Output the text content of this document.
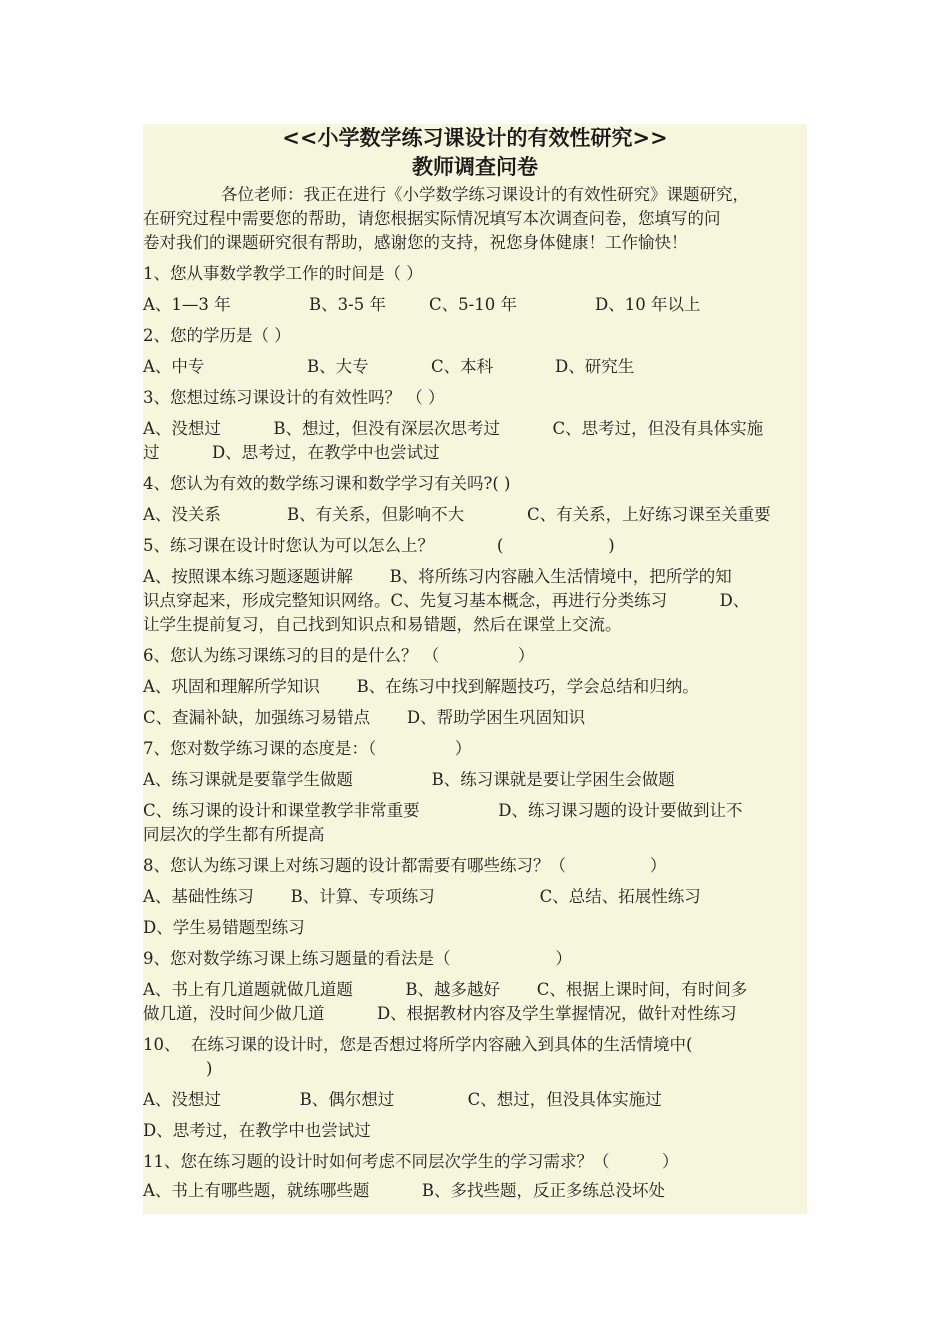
<<小学数学练习课设计的有效性研究>>
教师调查问卷
各位老师：我正在进行《小学数学练习课设计的有效性研究》课题研究，
在研究过程中需要您的帮助，请您根据实际情况填写本次调查问卷，您填写的问
卷对我们的课题研究很有帮助，感谢您的支持，祝您身体健康！工作愉快！
1、您从事数学教学工作的时间是（ ）
A、1—3 年	B、3-5 年	C、5-10 年	D、10 年以上
2、您的学历是（ ）
A、中专	B、大专	C、本科	D、研究生
3、您想过练习课设计的有效性吗？ （ ）
A、没想过          B、想过，但没有深层次思考过          C、思考过，但没有具体实施
过          D、思考过，在教学中也尝试过
4、您认为有效的数学练习课和数学学习有关吗?( )
A、没关系	B、有关系，但影响不大	C、有关系，上好练习课至关重要
5、练习课在设计时您认为可以怎么上？            (                    )
A、按照课本练习题逐题讲解       B、将所练习内容融入生活情境中，把所学的知
识点穿起来，形成完整知识网络。C、先复习基本概念，再进行分类练习          D、
让学生提前复习，自己找到知识点和易错题，然后在课堂上交流。
6、您认为练习课练习的目的是什么？ （               ）
A、巩固和理解所学知识       B、在练习中找到解题技巧，学会总结和归纳。
C、查漏补缺，加强练习易错点       D、帮助学困生巩固知识
7、您对数学练习课的态度是：（               ）
A、练习课就是要靠学生做题               B、练习课就是要让学困生会做题
C、练习课的设计和课堂教学非常重要               D、练习课习题的设计要做到让不
同层次的学生都有所提高
8、您认为练习课上对练习题的设计都需要有哪些练习？（                ）
A、基础性练习       B、计算、专项练习                    C、总结、拓展性练习
D、学生易错题型练习
9、您对数学练习课上练习题量的看法是（                    ）
A、书上有几道题就做几道题          B、越多越好       C、根据上课时间，有时间多
做几道，没时间少做几道          D、根据教材内容及学生掌握情况，做针对性练习
10、  在练习课的设计时，您是否想过将所学内容融入到具体的生活情境中(
)
A、没想过               B、偶尔想过              C、想过，但没具体实施过
D、思考过，在教学中也尝试过
11、您在练习题的设计时如何考虑不同层次学生的学习需求？（          ）
A、书上有哪些题，就练哪些题          B、多找些题，反正多练总没坏处
